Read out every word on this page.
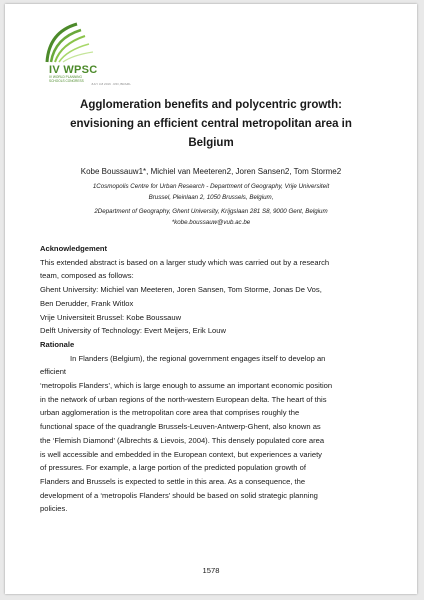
IV WPSC
IV WORLD PLANNING SCHOOLS CONGRESS
JULY 3-8 2016 · RIO, BRAZIL
Agglomeration benefits and polycentric growth:
envisioning an efficient central metropolitan area in
Belgium
Kobe Boussauw1*, Michiel van Meeteren2, Joren Sansen2, Tom Storme2
1Cosmopolis Centre for Urban Research - Department of Geography, Vrije Universiteit
Brussel, Pleinlaan 2, 1050 Brussels, Belgium,
2Department of Geography, Ghent University, Krijgslaan 281 S8, 9000 Gent, Belgium
*kobe.boussauw@vub.ac.be
Acknowledgement
This extended abstract is based on a larger study which was carried out by a research
team, composed as follows:
Ghent University: Michiel van Meeteren, Joren Sansen, Tom Storme, Jonas De Vos,
Ben Derudder, Frank Witlox
Vrije Universiteit Brussel: Kobe Boussauw
Delft University of Technology: Evert Meijers, Erik Louw
Rationale
In Flanders (Belgium), the regional government engages itself to develop an
efficient
‘metropolis Flanders’, which is large enough to assume an important economic position
in the network of urban regions of the north-western European delta. The heart of this
urban agglomeration is the metropolitan core area that comprises roughly the
functional space of the quadrangle Brussels-Leuven-Antwerp-Ghent, also known as
the ‘Flemish Diamond’ (Albrechts & Lievois, 2004). This densely populated core area
is well accessible and embedded in the European context, but experiences a variety
of pressures. For example, a large portion of the predicted population growth of
Flanders and Brussels is expected to settle in this area. As a consequence, the
development of a ‘metropolis Flanders’ should be based on solid strategic planning
policies.
1578
